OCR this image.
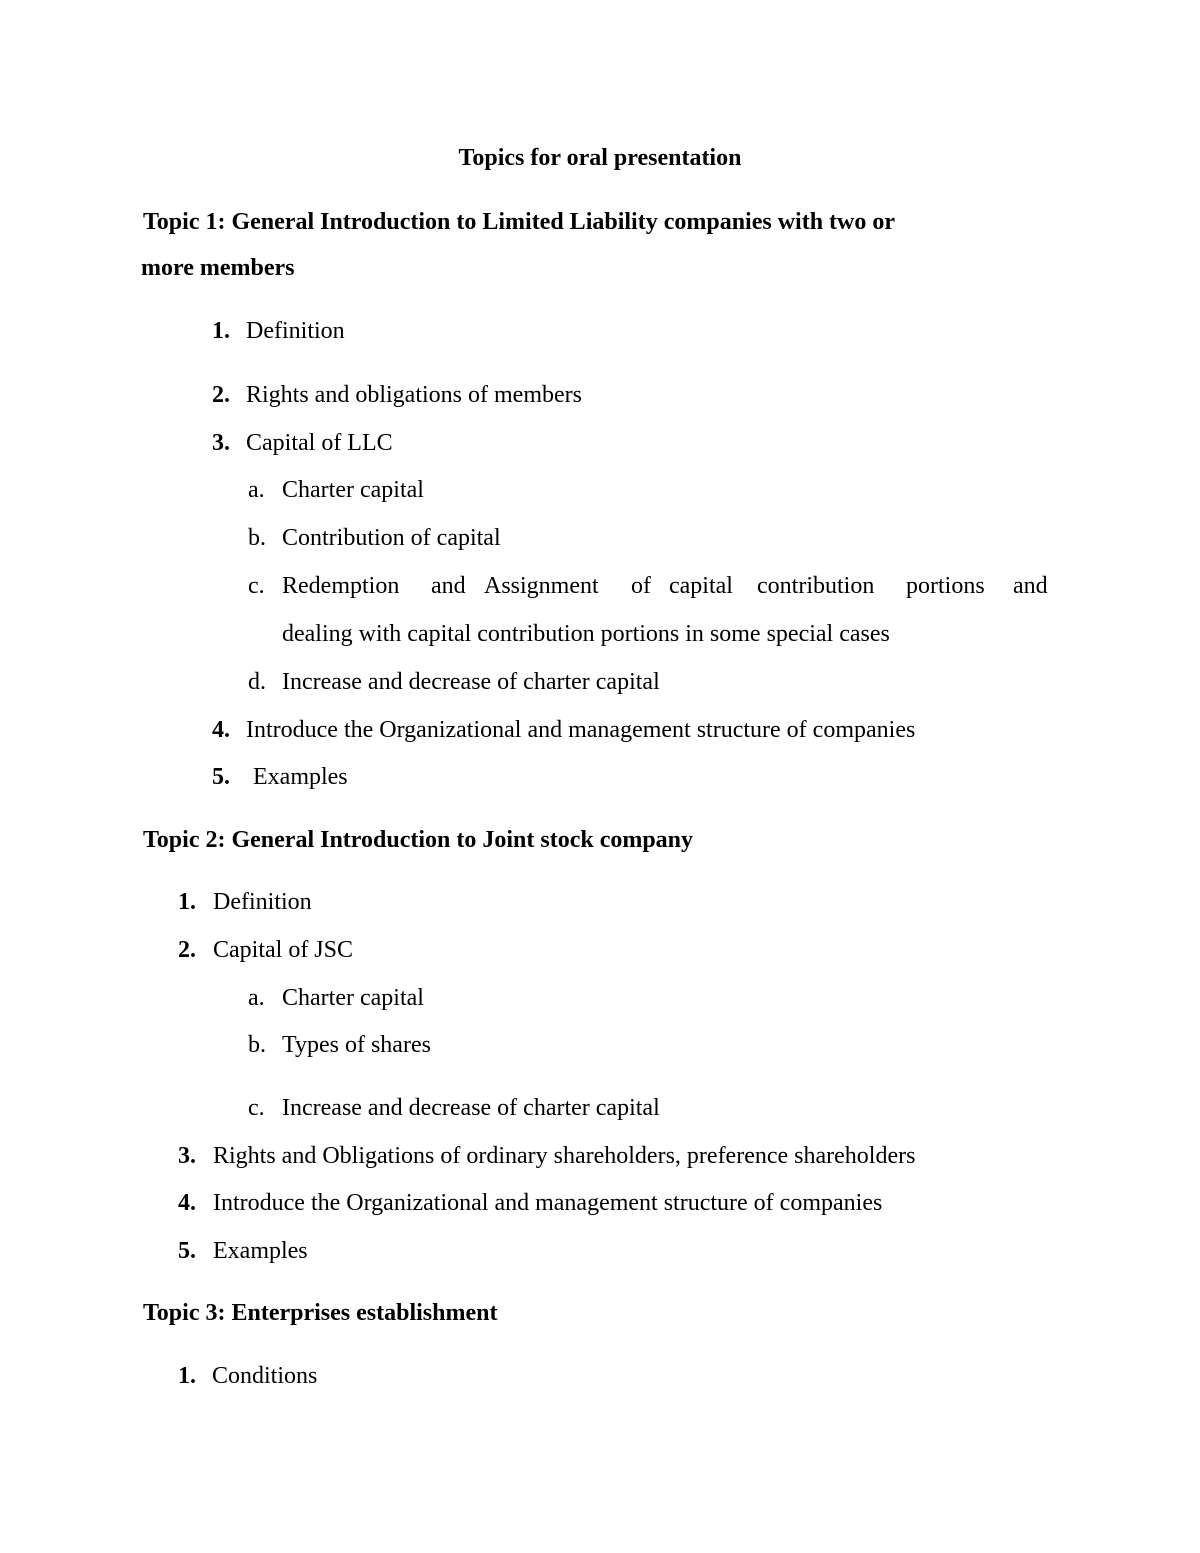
Topics for oral presentation
Topic 1: General Introduction to Limited Liability companies with two or
more members
1. Definition
2. Rights and obligations of members
3. Capital of LLC
a. Charter capital
b. Contribution of capital
c. Redemption and Assignment of capital contribution portions and
dealing with capital contribution portions in some special cases
d. Increase and decrease of charter capital
4. Introduce the Organizational and management structure of companies
5. Examples
Topic 2: General Introduction to Joint stock company
1. Definition
2. Capital of JSC
a. Charter capital
b. Types of shares
c. Increase and decrease of charter capital
3. Rights and Obligations of ordinary shareholders, preference shareholders
4. Introduce the Organizational and management structure of companies
5. Examples
Topic 3: Enterprises establishment
1. Conditions
